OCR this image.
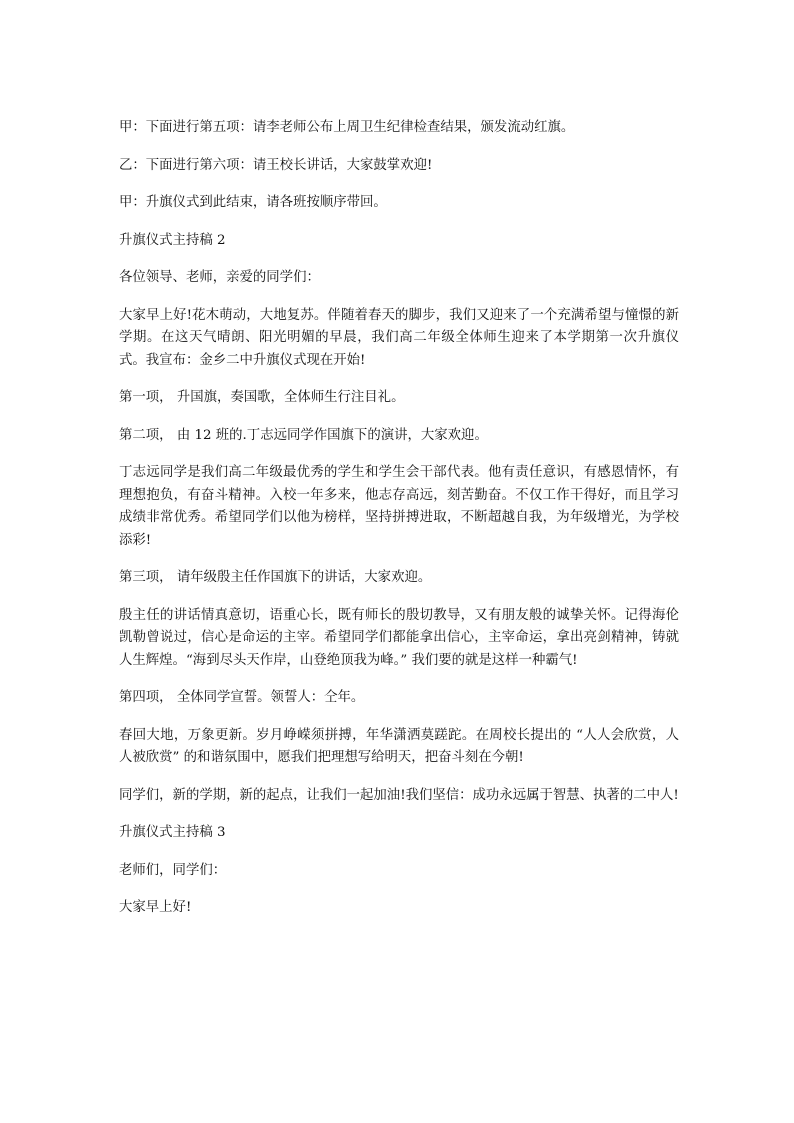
甲：下面进行第五项：请李老师公布上周卫生纪律检查结果，颁发流动红旗。

乙：下面进行第六项：请王校长讲话，大家鼓掌欢迎!

甲：升旗仪式到此结束，请各班按顺序带回。

升旗仪式主持稿 2

各位领导、老师，亲爱的同学们：

大家早上好!花木萌动，大地复苏。伴随着春天的脚步，我们又迎来了一个充满希望与憧憬的新学期。在这天气晴朗、阳光明媚的早晨，我们高二年级全体师生迎来了本学期第一次升旗仪式。我宣布：金乡二中升旗仪式现在开始!

第一项， 升国旗，奏国歌，全体师生行注目礼。

第二项， 由 12 班的.丁志远同学作国旗下的演讲，大家欢迎。

丁志远同学是我们高二年级最优秀的学生和学生会干部代表。他有责任意识，有感恩情怀，有理想抱负，有奋斗精神。入校一年多来，他志存高远，刻苦勤奋。不仅工作干得好，而且学习成绩非常优秀。希望同学们以他为榜样，坚持拼搏进取，不断超越自我，为年级增光，为学校添彩!

第三项， 请年级殷主任作国旗下的讲话，大家欢迎。

殷主任的讲话情真意切，语重心长，既有师长的殷切教导，又有朋友般的诚挚关怀。记得海伦凯勒曾说过，信心是命运的主宰。希望同学们都能拿出信心，主宰命运，拿出亮剑精神，铸就人生辉煌。“海到尽头天作岸，山登绝顶我为峰。” 我们要的就是这样一种霸气!

第四项， 全体同学宣誓。领誓人：仝年。

春回大地，万象更新。岁月峥嵘须拼搏，年华潇洒莫蹉跎。在周校长提出的 “人人会欣赏，人人被欣赏” 的和谐氛围中，愿我们把理想写给明天，把奋斗刻在今朝!

同学们，新的学期，新的起点，让我们一起加油!我们坚信：成功永远属于智慧、执著的二中人!

升旗仪式主持稿 3

老师们，同学们：

大家早上好!
